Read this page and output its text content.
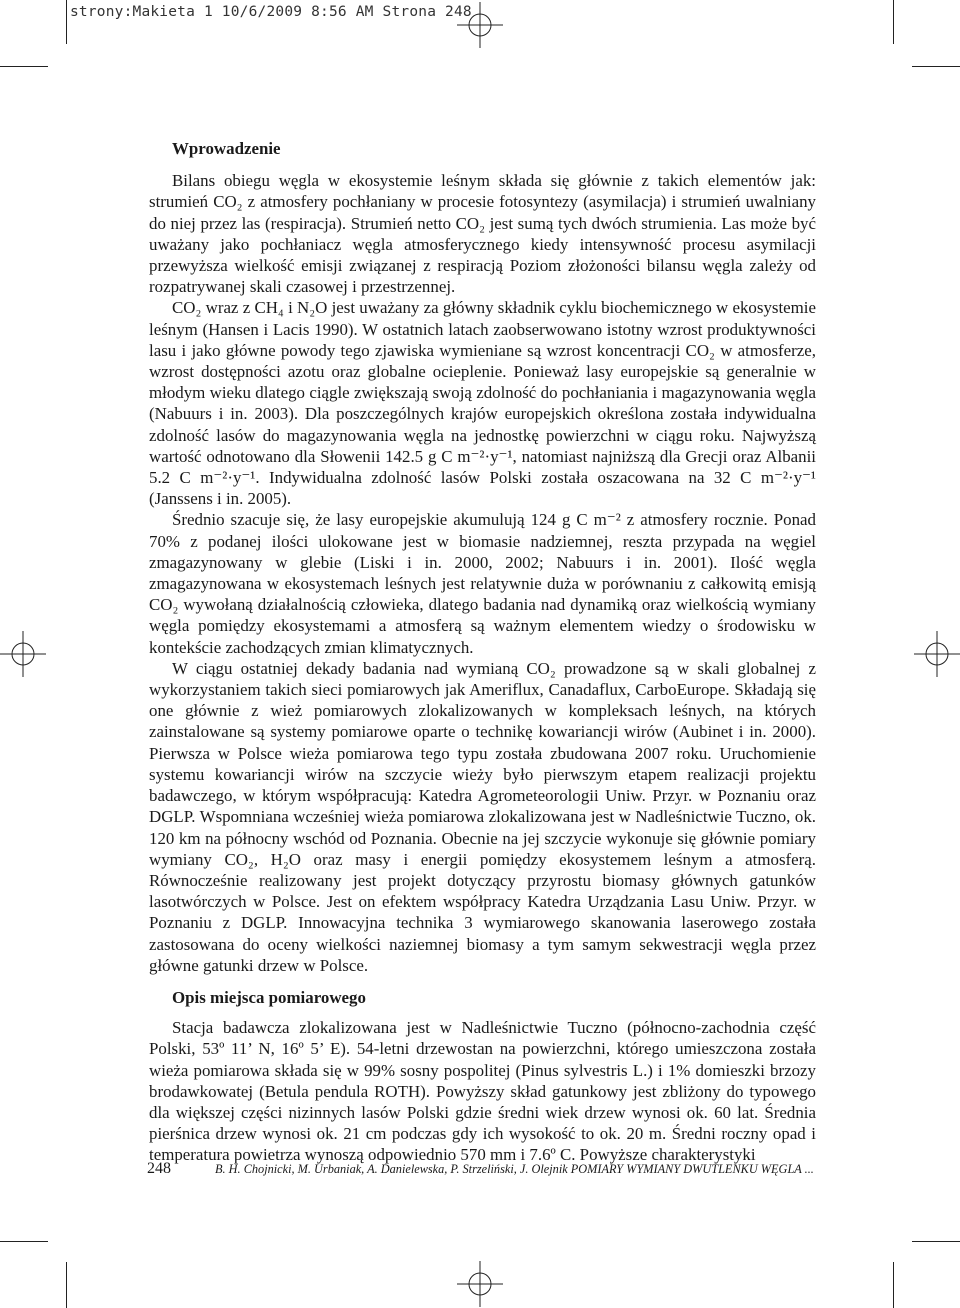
strony:Makieta 1 10/6/2009 8:56 AM Strona 248
Wprowadzenie

Bilans obiegu węgla w ekosystemie leśnym składa się głównie z takich elementów jak: strumień CO₂ z atmosfery pochłaniany w procesie fotosyntezy (asymilacja) i strumień uwalniany do niej przez las (respiracja). Strumień netto CO₂ jest sumą tych dwóch strumienia. Las może być uważany jako pochłaniacz węgla atmosferycznego kiedy intensywność procesu asymilacji przewyższa wielkość emisji związanej z respiracją Poziom złożoności bilansu węgla zależy od rozpatrywanej skali czasowej i przestrzennej.

CO₂ wraz z CH₄ i N₂O jest uważany za główny składnik cyklu biochemicznego w ekosystemie leśnym (Hansen i Lacis 1990). W ostatnich latach zaobserwowano istotny wzrost produktywności lasu i jako główne powody tego zjawiska wymieniane są wzrost koncentracji CO₂ w atmosferze, wzrost dostępności azotu oraz globalne ocieplenie. Ponieważ lasy europejskie są generalnie w młodym wieku dlatego ciągle zwiększają swoją zdolność do pochłaniania i magazynowania węgla (Nabuurs i in. 2003). Dla poszczególnych krajów europejskich określona została indywidualna zdolność lasów do magazynowania węgla na jednostkę powierzchni w ciągu roku. Najwyższą wartość odnotowano dla Słowenii 142.5 g C m⁻²·y⁻¹, natomiast najniższą dla Grecji oraz Albanii 5.2 C m⁻²·y⁻¹. Indywidualna zdolność lasów Polski została oszacowana na 32 C m⁻²·y⁻¹ (Janssens i in. 2005).

Średnio szacuje się, że lasy europejskie akumulują 124 g C m⁻² z atmosfery rocznie. Ponad 70% z podanej ilości ulokowane jest w biomasie nadziemnej, reszta przypada na węgiel zmagazynowany w glebie (Liski i in. 2000, 2002; Nabuurs i in. 2001). Ilość węgla zmagazynowana w ekosystemach leśnych jest relatywnie duża w porównaniu z całkowitą emisją CO₂ wywołaną działalnością człowieka, dlatego badania nad dynamiką oraz wielkością wymiany węgla pomiędzy ekosystemami a atmosferą są ważnym elementem wiedzy o środowisku w kontekście zachodzących zmian klimatycznych.

W ciągu ostatniej dekady badania nad wymianą CO₂ prowadzone są w skali globalnej z wykorzystaniem takich sieci pomiarowych jak Ameriflux, Canadaflux, CarboEurope. Składają się one głównie z wież pomiarowych zlokalizowanych w kompleksach leśnych, na których zainstalowane są systemy pomiarowe oparte o technikę kowariancji wirów (Aubinet i in. 2000). Pierwsza w Polsce wieża pomiarowa tego typu została zbudowana 2007 roku. Uruchomienie systemu kowariancji wirów na szczycie wieży było pierwszym etapem realizacji projektu badawczego, w którym współpracują: Katedra Agrometeorologii Uniw. Przyr. w Poznaniu oraz DGLP. Wspomniana wcześniej wieża pomiarowa zlokalizowana jest w Nadleśnictwie Tuczno, ok. 120 km na północny wschód od Poznania. Obecnie na jej szczycie wykonuje się głównie pomiary wymiany CO₂, H₂O oraz masy i energii pomiędzy ekosystemem leśnym a atmosferą. Równocześnie realizowany jest projekt dotyczący przyrostu biomasy głównych gatunków lasotwórczych w Polsce. Jest on efektem współpracy Katedra Urządzania Lasu Uniw. Przyr. w Poznaniu z DGLP. Innowacyjna technika 3 wymiarowego skanowania laserowego została zastosowana do oceny wielkości naziemnej biomasy a tym samym sekwestracji węgla przez główne gatunki drzew w Polsce.

Opis miejsca pomiarowego

Stacja badawcza zlokalizowana jest w Nadleśnictwie Tuczno (północno-zachodnia część Polski, 53º 11’ N, 16º 5’ E). 54-letni drzewostan na powierzchni, którego umieszczona została wieża pomiarowa składa się w 99% sosny pospolitej (Pinus sylvestris L.) i 1% domieszki brzozy brodawkowatej (Betula pendula ROTH). Powyższy skład gatunkowy jest zbliżony do typowego dla większej części nizinnych lasów Polski gdzie średni wiek drzew wynosi ok. 60 lat. Średnia pierśnica drzew wynosi ok. 21 cm podczas gdy ich wysokość to ok. 20 m. Średni roczny opad i temperatura powietrza wynoszą odpowiednio 570 mm i 7.6º C. Powyższe charakterystyki

248	B. H. Chojnicki, M. Urbaniak, A. Danielewska, P. Strzeliński, J. Olejnik POMIARY WYMIANY DWUTLENKU WĘGLA ...
